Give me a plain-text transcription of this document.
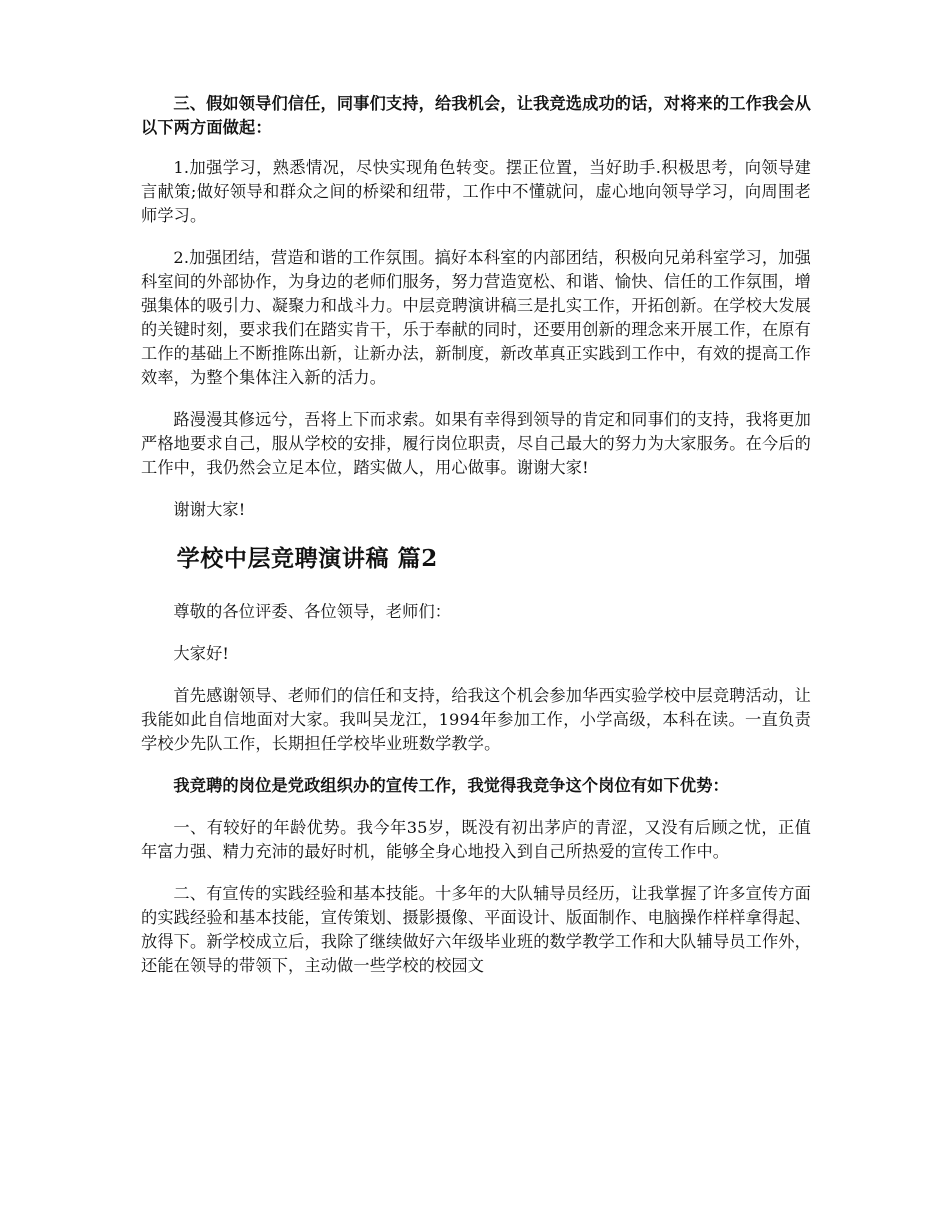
三、假如领导们信任，同事们支持，给我机会，让我竞选成功的话，对将来的工作我会从以下两方面做起：

1.加强学习，熟悉情况，尽快实现角色转变。摆正位置，当好助手.积极思考，向领导建言献策;做好领导和群众之间的桥梁和纽带，工作中不懂就问，虚心地向领导学习，向周围老师学习。

2.加强团结，营造和谐的工作氛围。搞好本科室的内部团结，积极向兄弟科室学习，加强科室间的外部协作，为身边的老师们服务，努力营造宽松、和谐、愉快、信任的工作氛围，增强集体的吸引力、凝聚力和战斗力。中层竞聘演讲稿三是扎实工作，开拓创新。在学校大发展的关键时刻，要求我们在踏实肯干，乐于奉献的同时，还要用创新的理念来开展工作，在原有工作的基础上不断推陈出新，让新办法，新制度，新改革真正实践到工作中，有效的提高工作效率，为整个集体注入新的活力。

路漫漫其修远兮，吾将上下而求索。如果有幸得到领导的肯定和同事们的支持，我将更加严格地要求自己，服从学校的安排，履行岗位职责，尽自己最大的努力为大家服务。在今后的工作中，我仍然会立足本位，踏实做人，用心做事。谢谢大家!

谢谢大家!

学校中层竞聘演讲稿 篇2

尊敬的各位评委、各位领导，老师们：

大家好!

首先感谢领导、老师们的信任和支持，给我这个机会参加华西实验学校中层竞聘活动，让我能如此自信地面对大家。我叫吴龙江，1994年参加工作，小学高级，本科在读。一直负责学校少先队工作，长期担任学校毕业班数学教学。

我竞聘的岗位是党政组织办的宣传工作，我觉得我竞争这个岗位有如下优势：

一、有较好的年龄优势。我今年35岁，既没有初出茅庐的青涩，又没有后顾之忧，正值年富力强、精力充沛的最好时机，能够全身心地投入到自己所热爱的宣传工作中。

二、有宣传的实践经验和基本技能。十多年的大队辅导员经历，让我掌握了许多宣传方面的实践经验和基本技能，宣传策划、摄影摄像、平面设计、版面制作、电脑操作样样拿得起、放得下。新学校成立后，我除了继续做好六年级毕业班的数学教学工作和大队辅导员工作外，还能在领导的带领下，主动做一些学校的校园文
